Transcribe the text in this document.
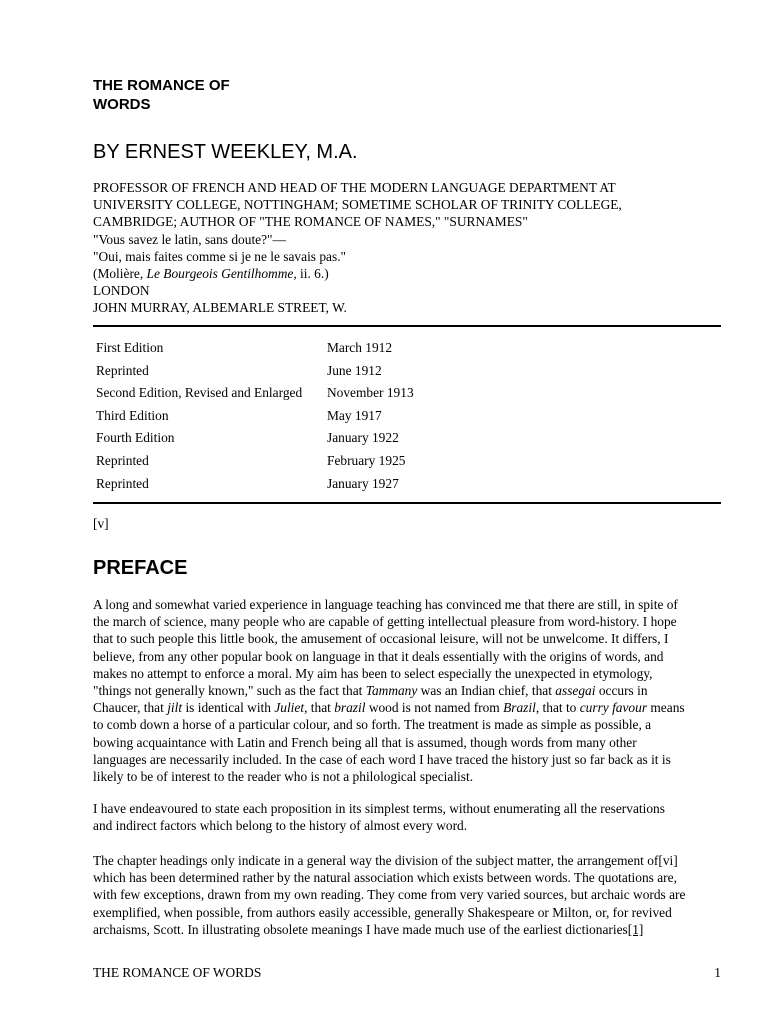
THE ROMANCE OF
WORDS
BY ERNEST WEEKLEY, M.A.
PROFESSOR OF FRENCH AND HEAD OF THE MODERN LANGUAGE DEPARTMENT AT
UNIVERSITY COLLEGE, NOTTINGHAM; SOMETIME SCHOLAR OF TRINITY COLLEGE,
CAMBRIDGE; AUTHOR OF "THE ROMANCE OF NAMES," "SURNAMES"
"Vous savez le latin, sans doute?"—
"Oui, mais faites comme si je ne le savais pas."
(Molière, Le Bourgeois Gentilhomme, ii. 6.)
LONDON
JOHN MURRAY, ALBEMARLE STREET, W.
First Edition	March 1912
Reprinted	June 1912
Second Edition, Revised and Enlarged	November 1913
Third Edition	May 1917
Fourth Edition	January 1922
Reprinted	February 1925
Reprinted	January 1927
[v]
PREFACE
A long and somewhat varied experience in language teaching has convinced me that there are still, in spite of
the march of science, many people who are capable of getting intellectual pleasure from word-history. I hope
that to such people this little book, the amusement of occasional leisure, will not be unwelcome. It differs, I
believe, from any other popular book on language in that it deals essentially with the origins of words, and
makes no attempt to enforce a moral. My aim has been to select especially the unexpected in etymology,
"things not generally known," such as the fact that Tammany was an Indian chief, that assegai occurs in
Chaucer, that jilt is identical with Juliet, that brazil wood is not named from Brazil, that to curry favour means
to comb down a horse of a particular colour, and so forth. The treatment is made as simple as possible, a
bowing acquaintance with Latin and French being all that is assumed, though words from many other
languages are necessarily included. In the case of each word I have traced the history just so far back as it is
likely to be of interest to the reader who is not a philological specialist.
I have endeavoured to state each proposition in its simplest terms, without enumerating all the reservations
and indirect factors which belong to the history of almost every word.
The chapter headings only indicate in a general way the division of the subject matter, the arrangement of[vi]
which has been determined rather by the natural association which exists between words. The quotations are,
with few exceptions, drawn from my own reading. They come from very varied sources, but archaic words are
exemplified, when possible, from authors easily accessible, generally Shakespeare or Milton, or, for revived
archaisms, Scott. In illustrating obsolete meanings I have made much use of the earliest dictionaries[1]
THE ROMANCE OF WORDS	1
